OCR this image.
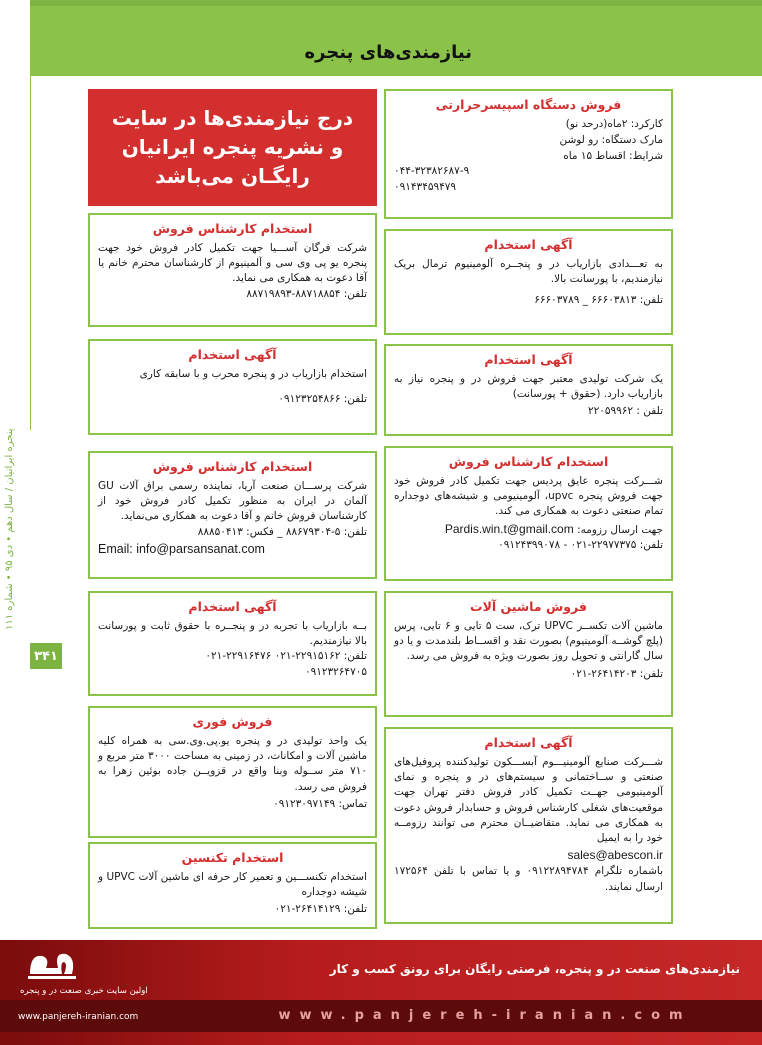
پنجره ایرانیان / سال دهم • دی ۹۵ • شماره ۱۱۱
۳۴۱
نیازمندی‌های پنجره
درج نیازمندی‌ها در سایت
و نشریه پنجره ایرانیان
رایگـان می‌باشد
فروش دستگاه اسپیسرحرارتی
کارکرد: ۲ماه(درحد نو)
مارک دستگاه: رو لوشن
شرایط: اقساط ۱۵ ماه
۰۴۴-۳۲۳۸۲۶۸۷-۹
۰۹۱۴۳۴۵۹۴۷۹
آگهی استخدام
به تعـــدادی بازاریاب در و پنجــره آلومینیوم ترمال بریک نیازمندیم، با پورسانت بالا.
تلفن: ۶۶۶۰۳۸۱۳ _ ۶۶۶۰۳۷۸۹
آگهی استخدام
یک شرکت تولیدی معتبر جهت فروش در و پنجره نیاز به بازاریاب دارد. (حقوق + پورسانت)
تلفن : ۲۲۰۵۹۹۶۲
استخدام کارشناس فروش
شـــرکت پنجره عایق پردیس جهت تکمیل کادر فروش خود جهت فروش پنجره upvc، آلومینیومی و شیشه‌های دوجداره تمام صنعتی دعوت به همکاری می کند.
جهت ارسال رزومه: Pardis.win.t@gmail.com
تلفن: ۲۲۹۷۷۳۷۵-۰۲۱ - ۰۹۱۲۴۳۹۹۰۷۸
فروش ماشین آلات
ماشین آلات تکســر UPVC ترک، ست ۵ تایی و ۶ تایی، پرس (پلچ گوشــه آلومینیوم) بصورت نقد و اقســاط بلندمدت و یا دو سال گارانتی و تحویل روز بصورت ویژه به فروش می رسد.
تلفن: ۲۶۴۱۴۲۰۳-۰۲۱
آگهی استخدام
شـــرکت صنایع آلومینیـــوم آبســـکون تولیدکننده پروفیل‌های صنعتی و ســاختمانی و سیستم‌های در و پنجره و نمای آلومینیومی جهــت تکمیل کادر فروش دفتر تهران جهت موقعیت‌های شغلی کارشناس فروش و حسابدار فروش دعوت به همکاری می نماید. متقاضیــان محترم می توانند رزومــه خود را به ایمیل
sales@abescon.ir
باشماره تلگرام ۰۹۱۲۲۸۹۴۷۸۴ و یا تماس با تلفن ۱۷۲۵۶۴ ارسال نمایند.
استخدام کارشناس فروش
شرکت فرگان آســـیا جهت تکمیل کادر فروش خود جهت پنجره یو پی وی سی و آلمینیوم از کارشناسان محترم خانم یا آقا دعوت به همکاری می نماید.
تلفن: ۸۸۷۱۸۸۵۴-۸۸۷۱۹۸۹۳
آگهی استخدام
استخدام بازاریاب در و پنجره محرب و با سابقه کاری
تلفن: ۰۹۱۲۳۲۵۴۸۶۶
استخدام کارشناس فروش
شرکت پرســـان صنعت آریا، نماینده رسمی براق آلات GU آلمان در ایران به منظور تکمیل کادر فروش خود از کارشناسان فروش خانم و آقا دعوت به همکاری می‌نماید.
تلفن: ۵-۸۸۶۷۹۳۰۴ _ فکس: ۸۸۸۵۰۴۱۳
Email: info@parsansanat.com
آگهی استخدام
بــه بازاریاب با تجربه در و پنجــره با حقوق ثابت و پورسانت بالا نیازمندیم.
تلفن: ۲۲۹۱۵۱۶۲-۰۲۱ ۲۲۹۱۶۴۷۶-۰۲۱
۰۹۱۲۳۲۶۴۷۰۵
فروش فوری
یک واحد تولیدی در و پنجره یو.پی.وی.سی به همراه کلیه ماشین آلات و امکانات، در زمینی به مساحت ۳۰۰۰ متر مربع و ۷۱۰ متر ســوله وبنا واقع در قزویــن جاده بوئین زهرا به فروش می رسد.
تماس: ۰۹۱۲۳۰۹۷۱۴۹
استخدام تکنسین
استخدام تکنســـین و تعمیر کار حرفه ای ماشین آلات UPVC و شیشه دوجداره
تلفن: ۲۶۴۱۴۱۲۹-۰۲۱
اولین سایت خبری صنعت در و پنجره
www.panjereh-iranian.com
نیازمندی‌های صنعت در و پنجره، فرصتی رایگان برای رونق کسب و کار
www.panjereh-iranian.com
